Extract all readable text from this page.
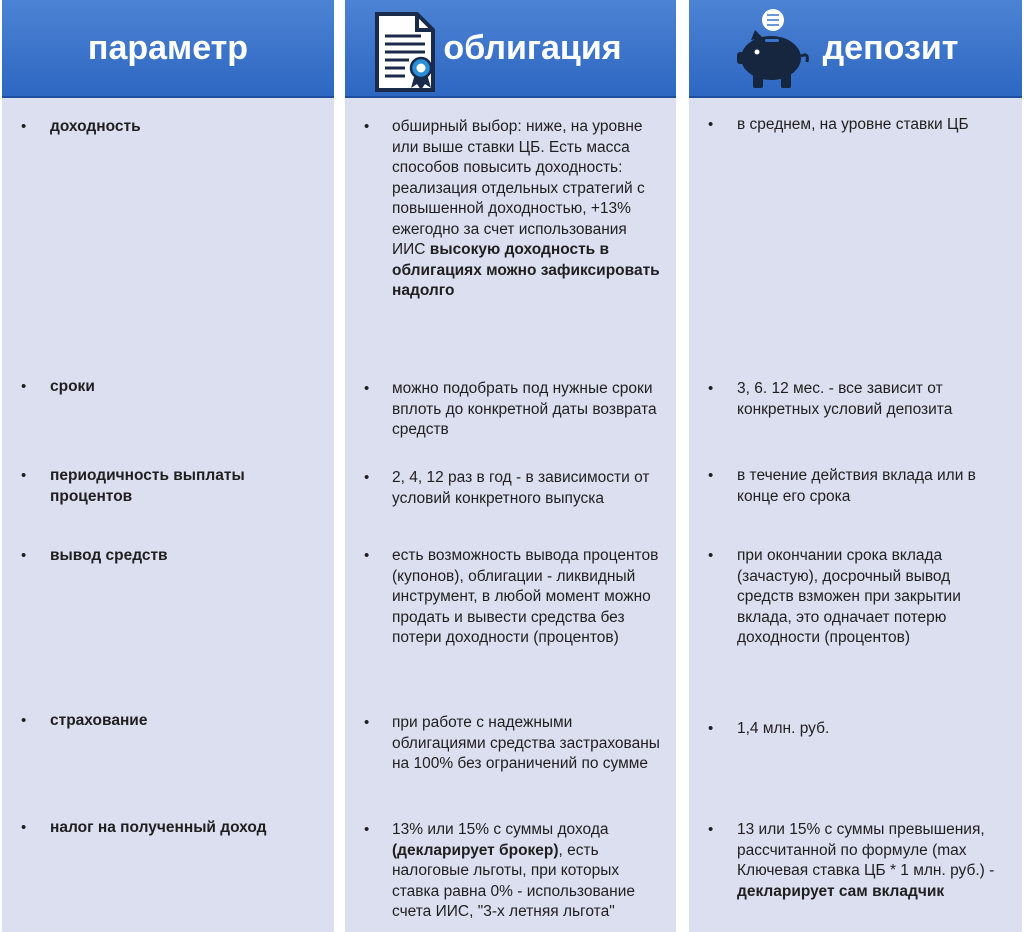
параметр
• доходность
• сроки
• периодичность выплаты процентов
• вывод средств
• страхование
• налог на полученный доход
облигация
• обширный выбор: ниже, на уровне или выше ставки ЦБ. Есть масса способов повысить доходность: реализация отдельных стратегий с повышенной доходностью, +13% ежегодно за счет использования ИИС высокую доходность в облигациях можно зафиксировать надолго
• можно подобрать под нужные сроки вплоть до конкретной даты возврата средств
• 2, 4, 12 раз в год - в зависимости от условий конкретного выпуска
• есть возможность вывода процентов (купонов), облигации - ликвидный инструмент, в любой момент можно продать и вывести средства без потери доходности (процентов)
• при работе с надежными облигациями средства застрахованы на 100% без ограничений по сумме
• 13% или 15% с суммы дохода (декларирует брокер), есть налоговые льготы, при которых ставка равна 0% - использование счета ИИС, "3-х летняя льгота"
депозит
• в среднем, на уровне ставки ЦБ
• 3, 6. 12 мес. - все зависит от конкретных условий депозита
• в течение действия вклада или в конце его срока
• при окончании срока вклада (зачастую), досрочный вывод средств взможен при закрытии вклада, это одначает потерю доходности (процентов)
• 1,4 млн. руб.
• 13 или 15% с суммы превышения, рассчитанной по формуле (max Ключевая ставка ЦБ * 1 млн. руб.) - декларирует сам вкладчик
